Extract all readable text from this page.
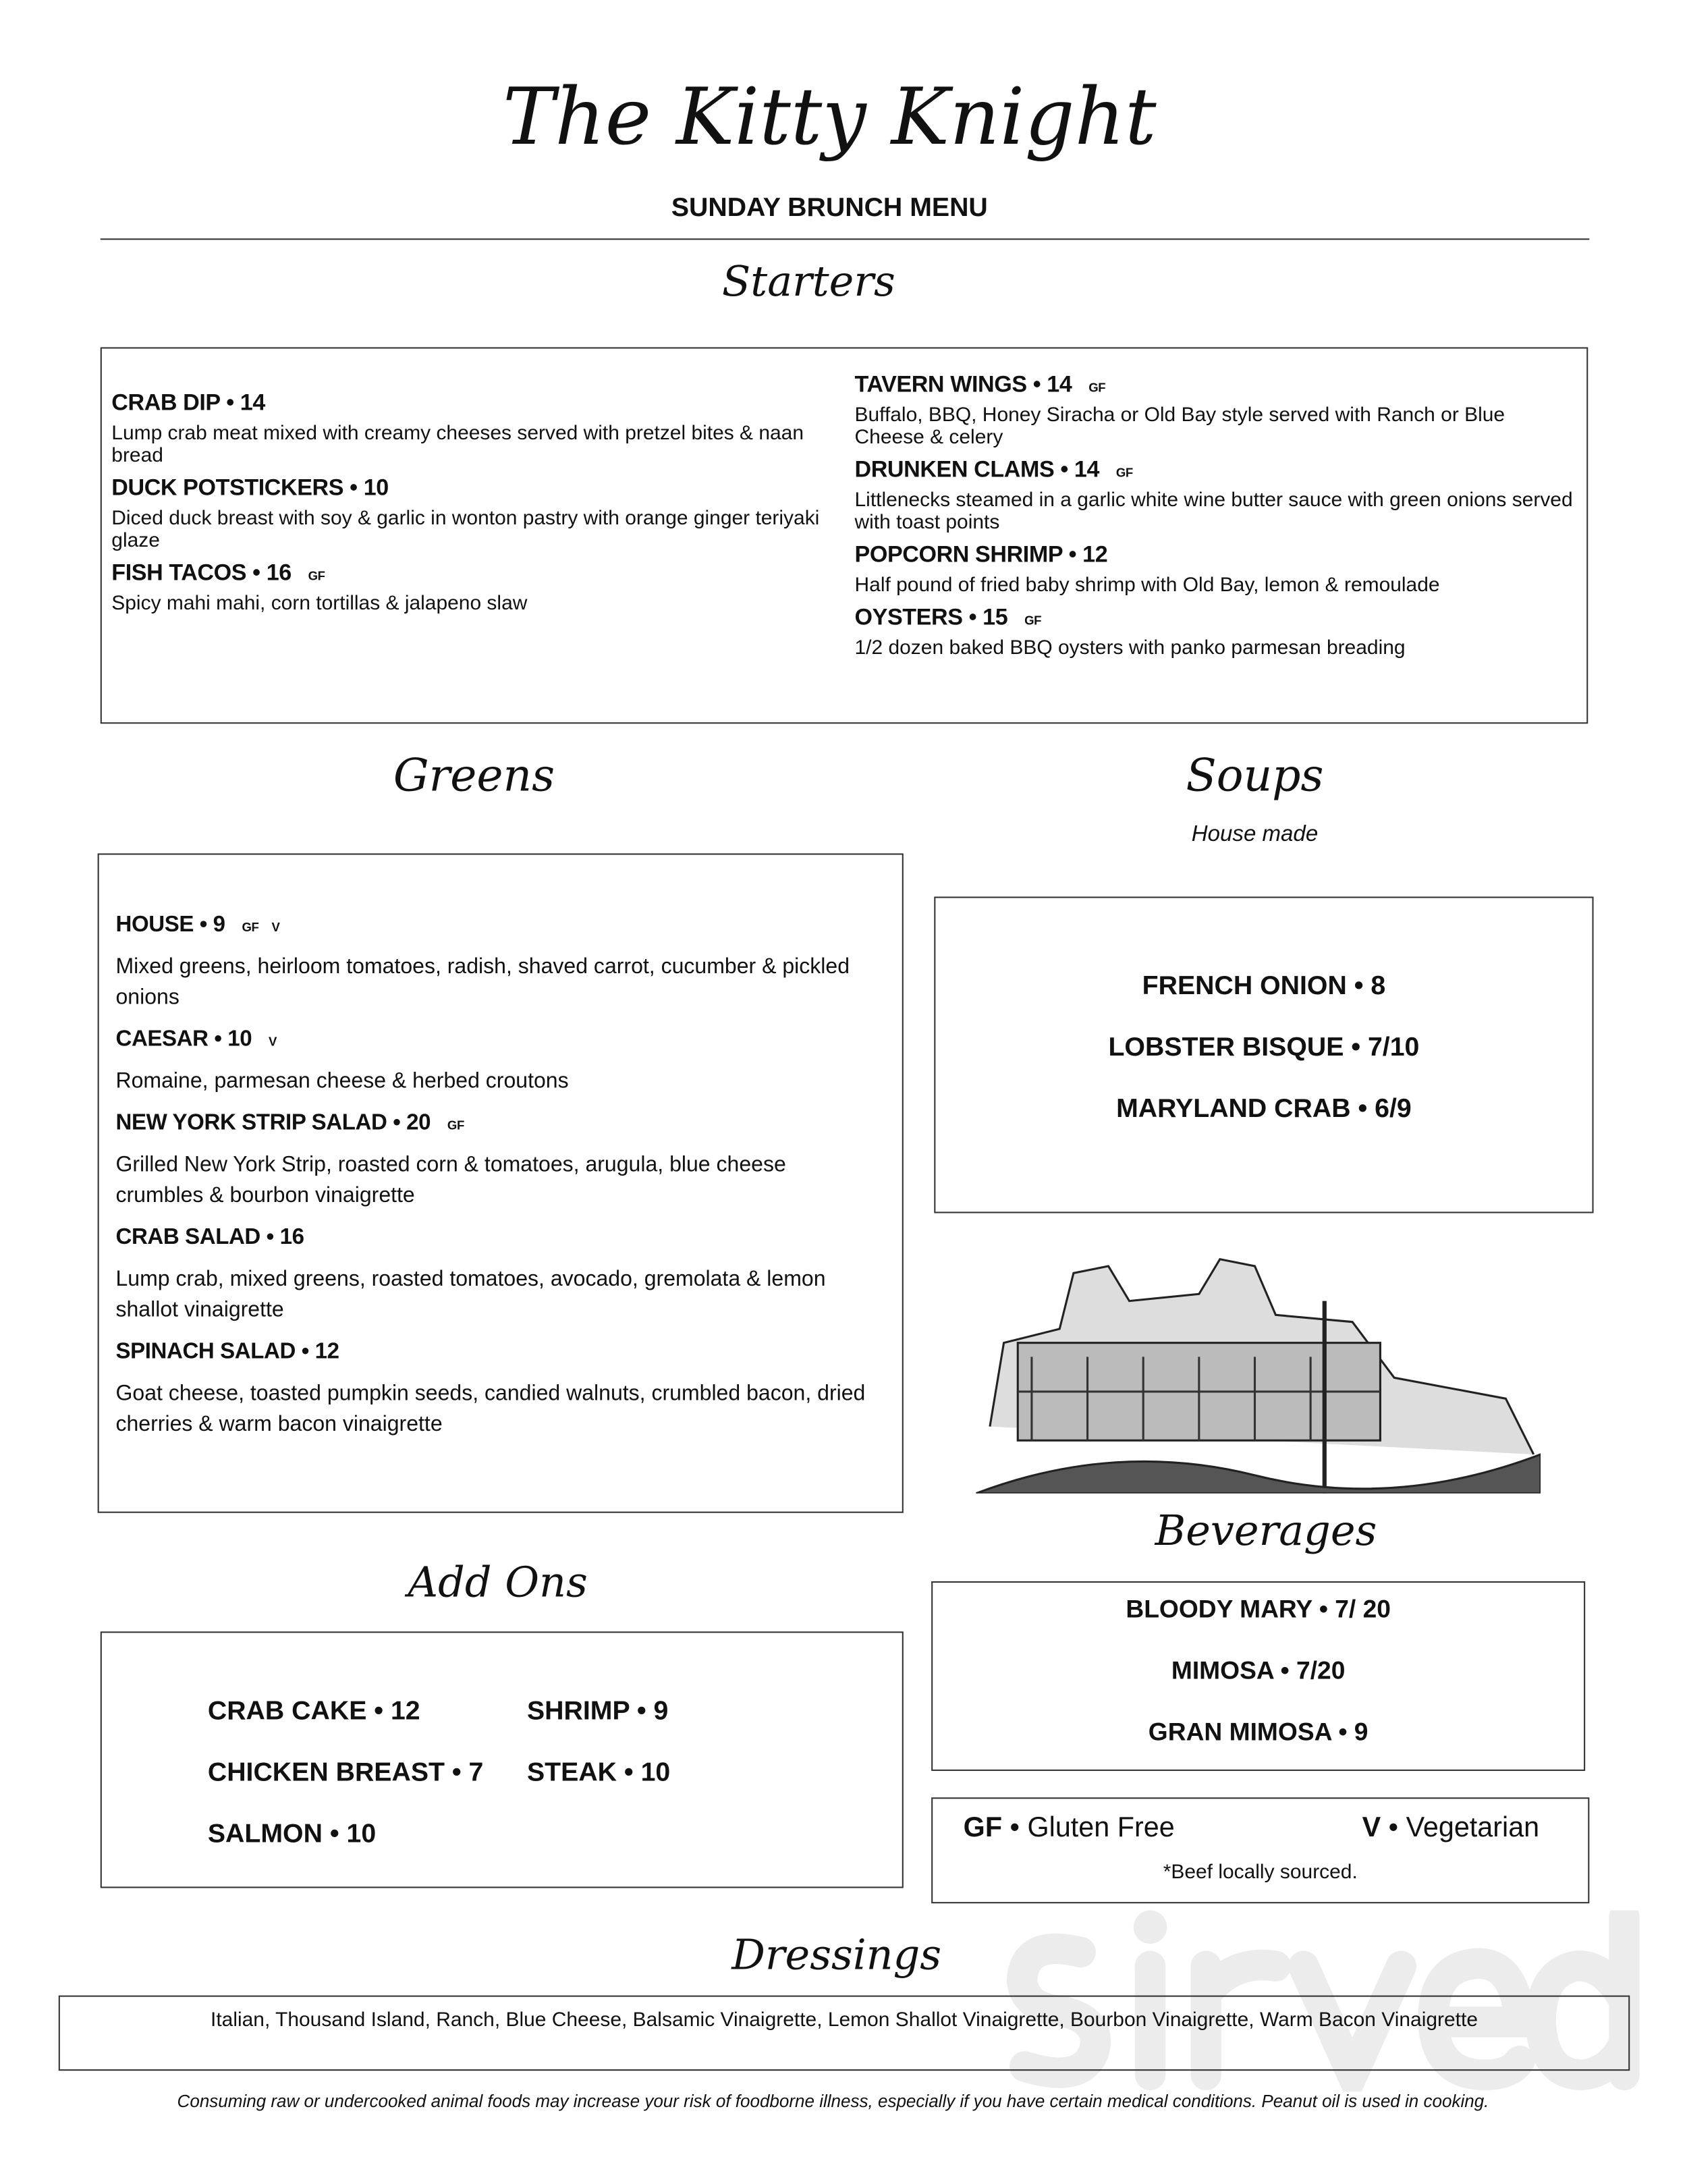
The Kitty Knight
SUNDAY BRUNCH MENU
Starters
CRAB DIP • 14
Lump crab meat mixed with creamy cheeses served with pretzel bites & naan bread
DUCK POTSTICKERS • 10
Diced duck breast with soy & garlic in wonton pastry with orange ginger teriyaki glaze
FISH TACOS • 16	GF
Spicy mahi mahi, corn tortillas & jalapeno slaw
TAVERN WINGS • 14	GF
Buffalo, BBQ, Honey Siracha or Old Bay style served with Ranch or Blue Cheese & celery
DRUNKEN CLAMS • 14	GF
Littlenecks steamed in a garlic white wine butter sauce with green onions served with toast points
POPCORN SHRIMP • 12
Half pound of fried baby shrimp with Old Bay, lemon & remoulade
OYSTERS • 15	GF
1/2 dozen baked BBQ oysters with panko parmesan breading
Greens	Soups
House made
HOUSE • 9	GF    V
Mixed greens, heirloom tomatoes, radish, shaved carrot, cucumber & pickled onions
CAESAR • 10	V
Romaine, parmesan cheese & herbed croutons
NEW YORK STRIP SALAD • 20	GF
Grilled New York Strip, roasted corn & tomatoes, arugula, blue cheese crumbles & bourbon vinaigrette
CRAB SALAD • 16
Lump crab, mixed greens, roasted tomatoes, avocado, gremolata & lemon shallot vinaigrette
SPINACH SALAD • 12
Goat cheese, toasted pumpkin seeds, candied walnuts, crumbled bacon, dried cherries & warm bacon vinaigrette
FRENCH ONION • 8
LOBSTER BISQUE • 7/10
MARYLAND CRAB • 6/9
Beverages
BLOODY MARY • 7/ 20
MIMOSA • 7/20
GRAN MIMOSA • 9
GF • Gluten Free	V • Vegetarian
*Beef locally sourced.
Add Ons
CRAB CAKE • 12	SHRIMP • 9
CHICKEN BREAST • 7	STEAK • 10
SALMON • 10
Dressings
Italian, Thousand Island, Ranch, Blue Cheese, Balsamic Vinaigrette, Lemon Shallot Vinaigrette, Bourbon Vinaigrette, Warm Bacon Vinaigrette
Consuming raw or undercooked animal foods may increase your risk of foodborne illness, especially if you have certain medical conditions. Peanut oil is used in cooking.
